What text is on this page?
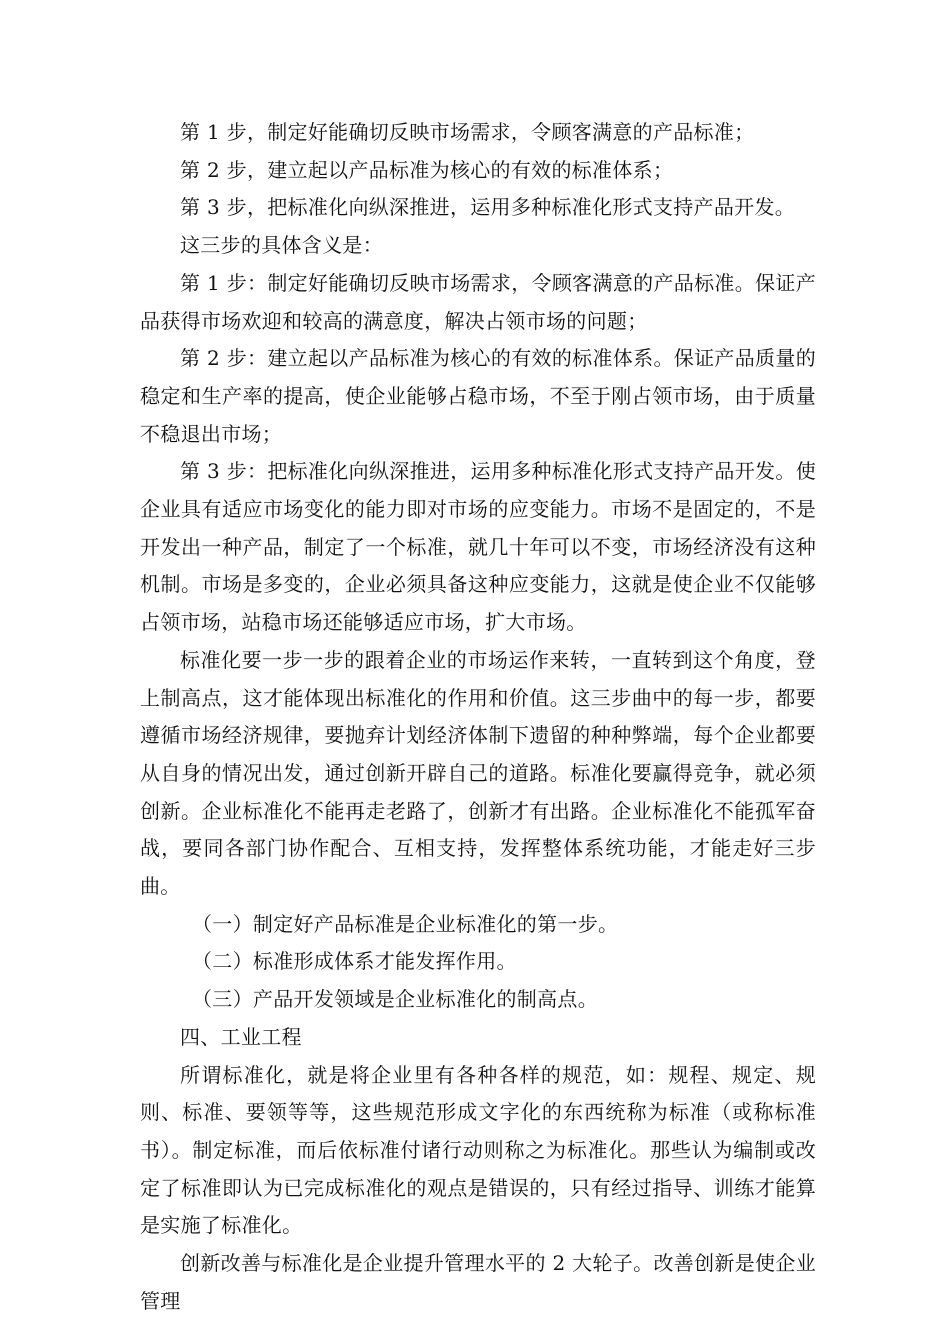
第 1 步，制定好能确切反映市场需求，令顾客满意的产品标准；

第 2 步，建立起以产品标准为核心的有效的标准体系；

第 3 步，把标准化向纵深推进，运用多种标准化形式支持产品开发。

这三步的具体含义是：

第 1 步：制定好能确切反映市场需求，令顾客满意的产品标准。保证产品获得市场欢迎和较高的满意度，解决占领市场的问题；

第 2 步：建立起以产品标准为核心的有效的标准体系。保证产品质量的稳定和生产率的提高，使企业能够占稳市场，不至于刚占领市场，由于质量不稳退出市场；

第 3 步：把标准化向纵深推进，运用多种标准化形式支持产品开发。使企业具有适应市场变化的能力即对市场的应变能力。市场不是固定的，不是开发出一种产品，制定了一个标准，就几十年可以不变，市场经济没有这种机制。市场是多变的，企业必须具备这种应变能力，这就是使企业不仅能够占领市场，站稳市场还能够适应市场，扩大市场。

标准化要一步一步的跟着企业的市场运作来转，一直转到这个角度，登上制高点，这才能体现出标准化的作用和价值。这三步曲中的每一步，都要遵循市场经济规律，要抛弃计划经济体制下遗留的种种弊端，每个企业都要从自身的情况出发，通过创新开辟自己的道路。标准化要赢得竞争，就必须创新。企业标准化不能再走老路了，创新才有出路。企业标准化不能孤军奋战，要同各部门协作配合、互相支持，发挥整体系统功能，才能走好三步曲。

（一）制定好产品标准是企业标准化的第一步。

（二）标准形成体系才能发挥作用。

（三）产品开发领域是企业标准化的制高点。

四、工业工程

所谓标准化，就是将企业里有各种各样的规范，如：规程、规定、规则、标准、要领等等，这些规范形成文字化的东西统称为标准（或称标准书）。制定标准，而后依标准付诸行动则称之为标准化。那些认为编制或改定了标准即认为已完成标准化的观点是错误的，只有经过指导、训练才能算是实施了标准化。

创新改善与标准化是企业提升管理水平的 2 大轮子。改善创新是使企业管理
